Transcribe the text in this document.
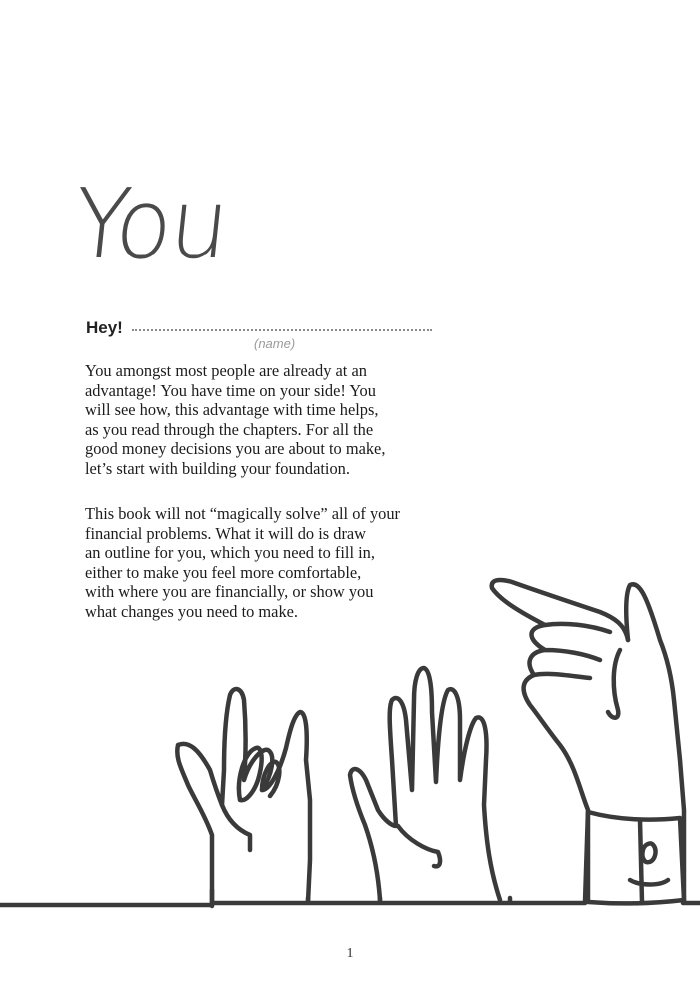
You
Hey!
(name)

You amongst most people are already at an
advantage! You have time on your side! You
will see how, this advantage with time helps,
as you read through the chapters. For all the
good money decisions you are about to make,
let’s start with building your foundation.

This book will not “magically solve” all of your
financial problems. What it will do is draw
an outline for you, which you need to fill in,
either to make you feel more comfortable,
with where you are financially, or show you
what changes you need to make.

1
